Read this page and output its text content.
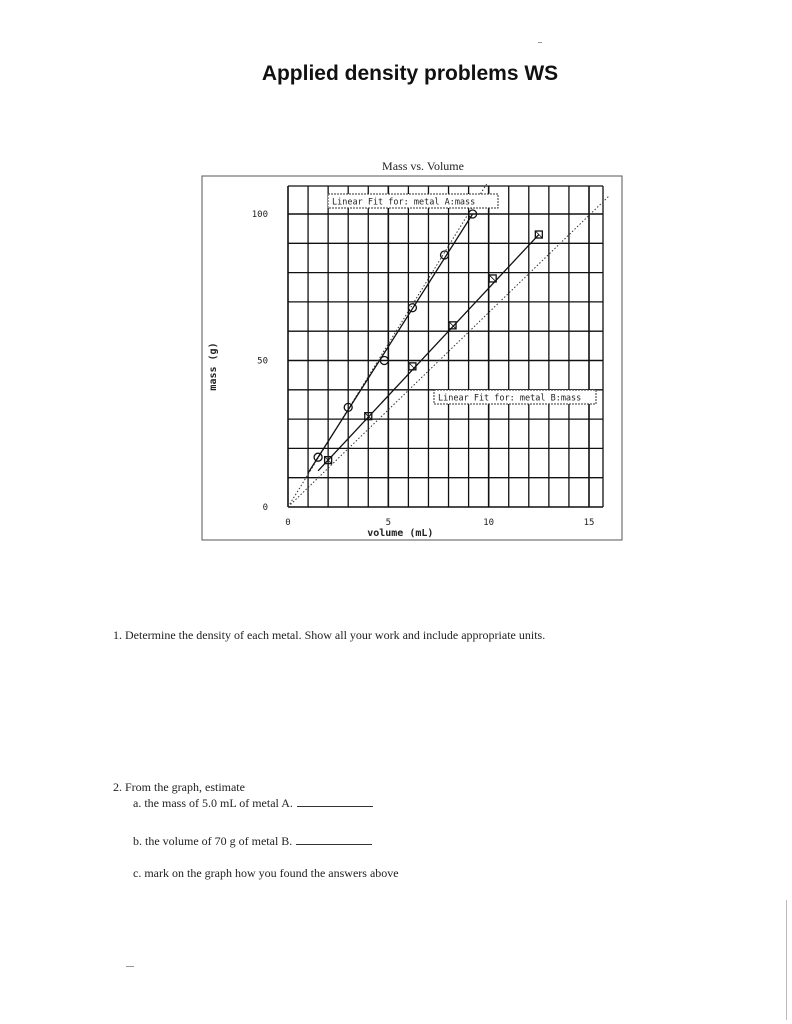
Applied density problems WS
Mass vs. Volume
0	5	10	15
0
50
100
volume (mL)
mass (g)
Linear Fit for: metal A:mass
Linear Fit for: metal B:mass
1. Determine the density of each metal. Show all your work and include appropriate units.
2. From the graph, estimate
a. the mass of 5.0 mL of metal A.
b. the volume of 70 g of metal B.
c. mark on the graph how you found the answers above
